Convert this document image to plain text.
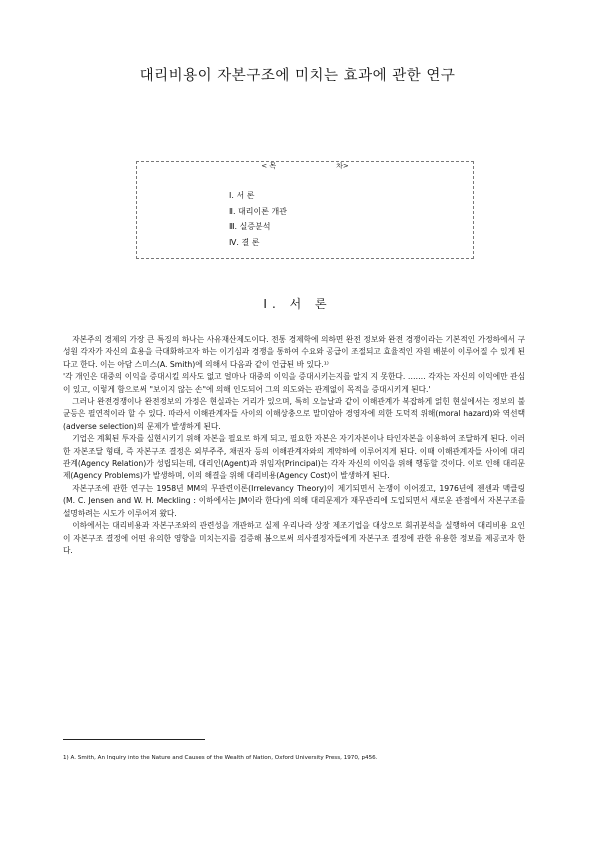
대리비용이 자본구조에 미치는 효과에 관한 연구
< 목	차>
Ⅰ. 서 론
Ⅱ. 대리이론 개관
Ⅲ. 실증분석
Ⅳ. 결 론
Ⅰ. 서 론

자본주의 경제의 가장 큰 특징의 하나는 사유재산제도이다. 전통 경제학에 의하면 완전 정보와 완전 경쟁이라는 기본적인 가정하에서 구성원 각자가 자신의 효용을 극대화하고자 하는 이기심과 경쟁을 통하여 수요와 공급이 조절되고 효율적인 자원 배분이 이루어질 수 있게 된다고 한다. 이는 아담 스미스(A. Smith)에 의해서 다음과 같이 언급된 바 있다.¹⁾

'각 개인은 대중의 이익을 증대시킬 의사도 없고 얼마나 대중의 이익을 증대시키는지를 알지 지 못한다. ……. 각자는 자신의 이익에만 관심이 있고, 이렇게 함으로써 "보이지 않는 손"에 의해 인도되어 그의 의도와는 관계없이 목적을 증대시키게 된다.'

그러나 완전경쟁이나 완전정보의 가정은 현실과는 거리가 있으며, 특히 오늘날과 같이 이해관계가 복잡하게 얽힌 현실에서는 정보의 불균등은 필연적이라 할 수 있다. 따라서 이해관계자들 사이의 이해상충으로 말미암아 경영자에 의한 도덕적 위해(moral hazard)와 역선택(adverse selection)의 문제가 발생하게 된다.

기업은 계획된 투자를 실현시키기 위해 자본을 필요로 하게 되고, 필요한 자본은 자기자본이나 타인자본을 이용하여 조달하게 된다. 이러한 자본조달 형태, 즉 자본구조 결정은 외부주주, 채권자 등의 이해관계자와의 계약하에 이루어지게 된다. 이때 이해관계자들 사이에 대리관계(Agency Relation)가 성립되는데, 대리인(Agent)과 위임자(Principal)는 각자 자신의 이익을 위해 행동할 것이다. 이로 인해 대리문제(Agency Problems)가 발생하며, 이의 해결을 위해 대리비용(Agency Cost)이 발생하게 된다.

자본구조에 관한 연구는 1958년 MM의 무관련이론(Irrelevancy Theory)이 제기되면서 논쟁이 이어졌고, 1976년에 젠센과 맥클링(M. C. Jensen and W. H. Meckling : 이하에서는 JM이라 한다)에 의해 대리문제가 재무관리에 도입되면서 새로운 관점에서 자본구조를 설명하려는 시도가 이루어져 왔다.

이하에서는 대리비용과 자본구조와의 관련성을 개관하고 실제 우리나라 상장 제조기업을 대상으로 회귀분석을 실행하여 대리비용 요인이 자본구조 결정에 어떤 유의한 영향을 미치는지를 검증해 봄으로써 의사결정자들에게 자본구조 결정에 관한 유용한 정보를 제공코자 한다.

1) A. Smith, An Inquiry into the Nature and Causes of the Wealth of Nation, Oxford University Press, 1970, p456.
